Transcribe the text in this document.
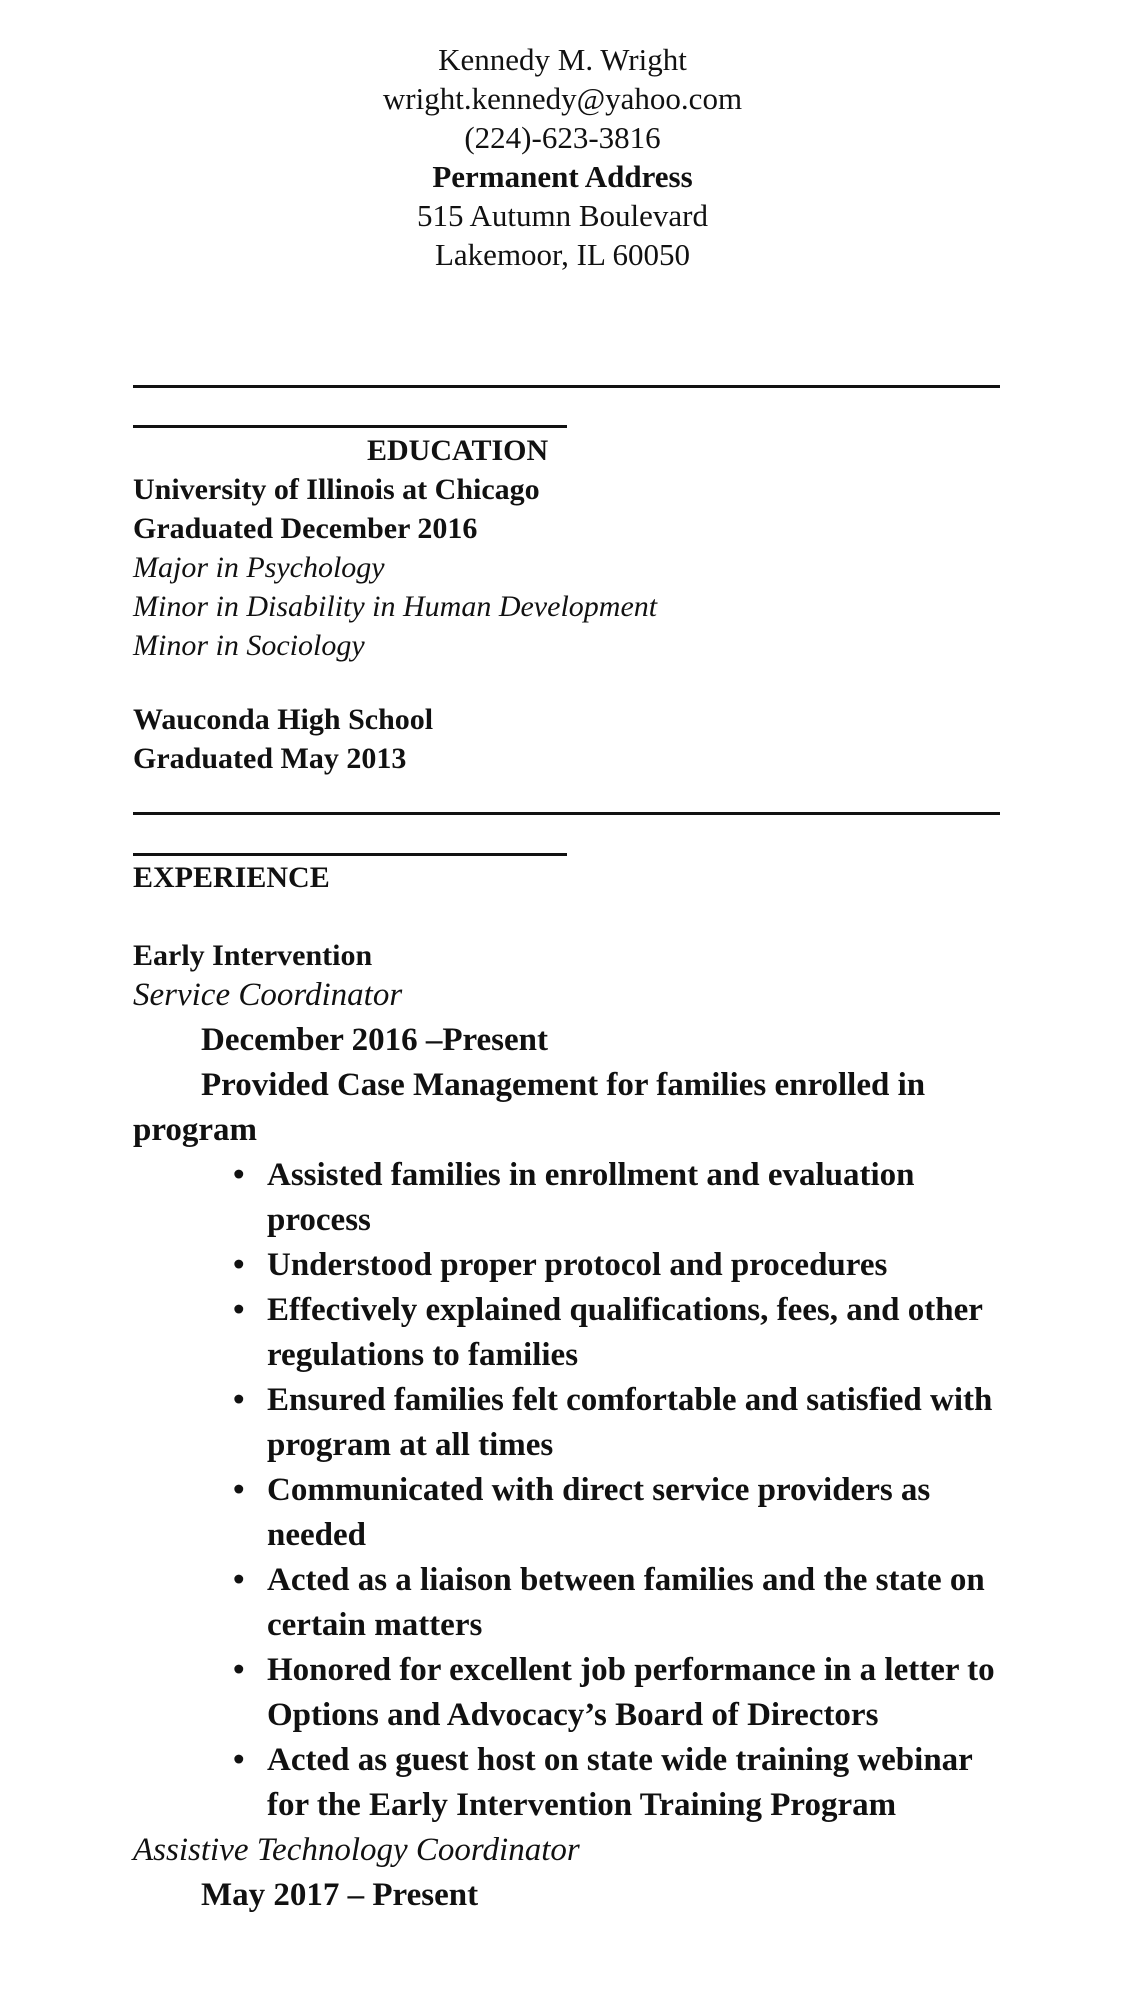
Kennedy M. Wright
wright.kennedy@yahoo.com
(224)-623-3816
Permanent Address
515 Autumn Boulevard
Lakemoor, IL 60050
EDUCATION
University of Illinois at Chicago
Graduated December 2016
Major in Psychology
Minor in Disability in Human Development
Minor in Sociology
Wauconda High School
Graduated May 2013
EXPERIENCE
Early Intervention
Service Coordinator
December 2016 –Present
Provided Case Management for families enrolled in program
• Assisted families in enrollment and evaluation process
• Understood proper protocol and procedures
• Effectively explained qualifications, fees, and other regulations to families
• Ensured families felt comfortable and satisfied with program at all times
• Communicated with direct service providers as needed
• Acted as a liaison between families and the state on certain matters
• Honored for excellent job performance in a letter to Options and Advocacy’s Board of Directors
• Acted as guest host on state wide training webinar for the Early Intervention Training Program
Assistive Technology Coordinator
May 2017 – Present
